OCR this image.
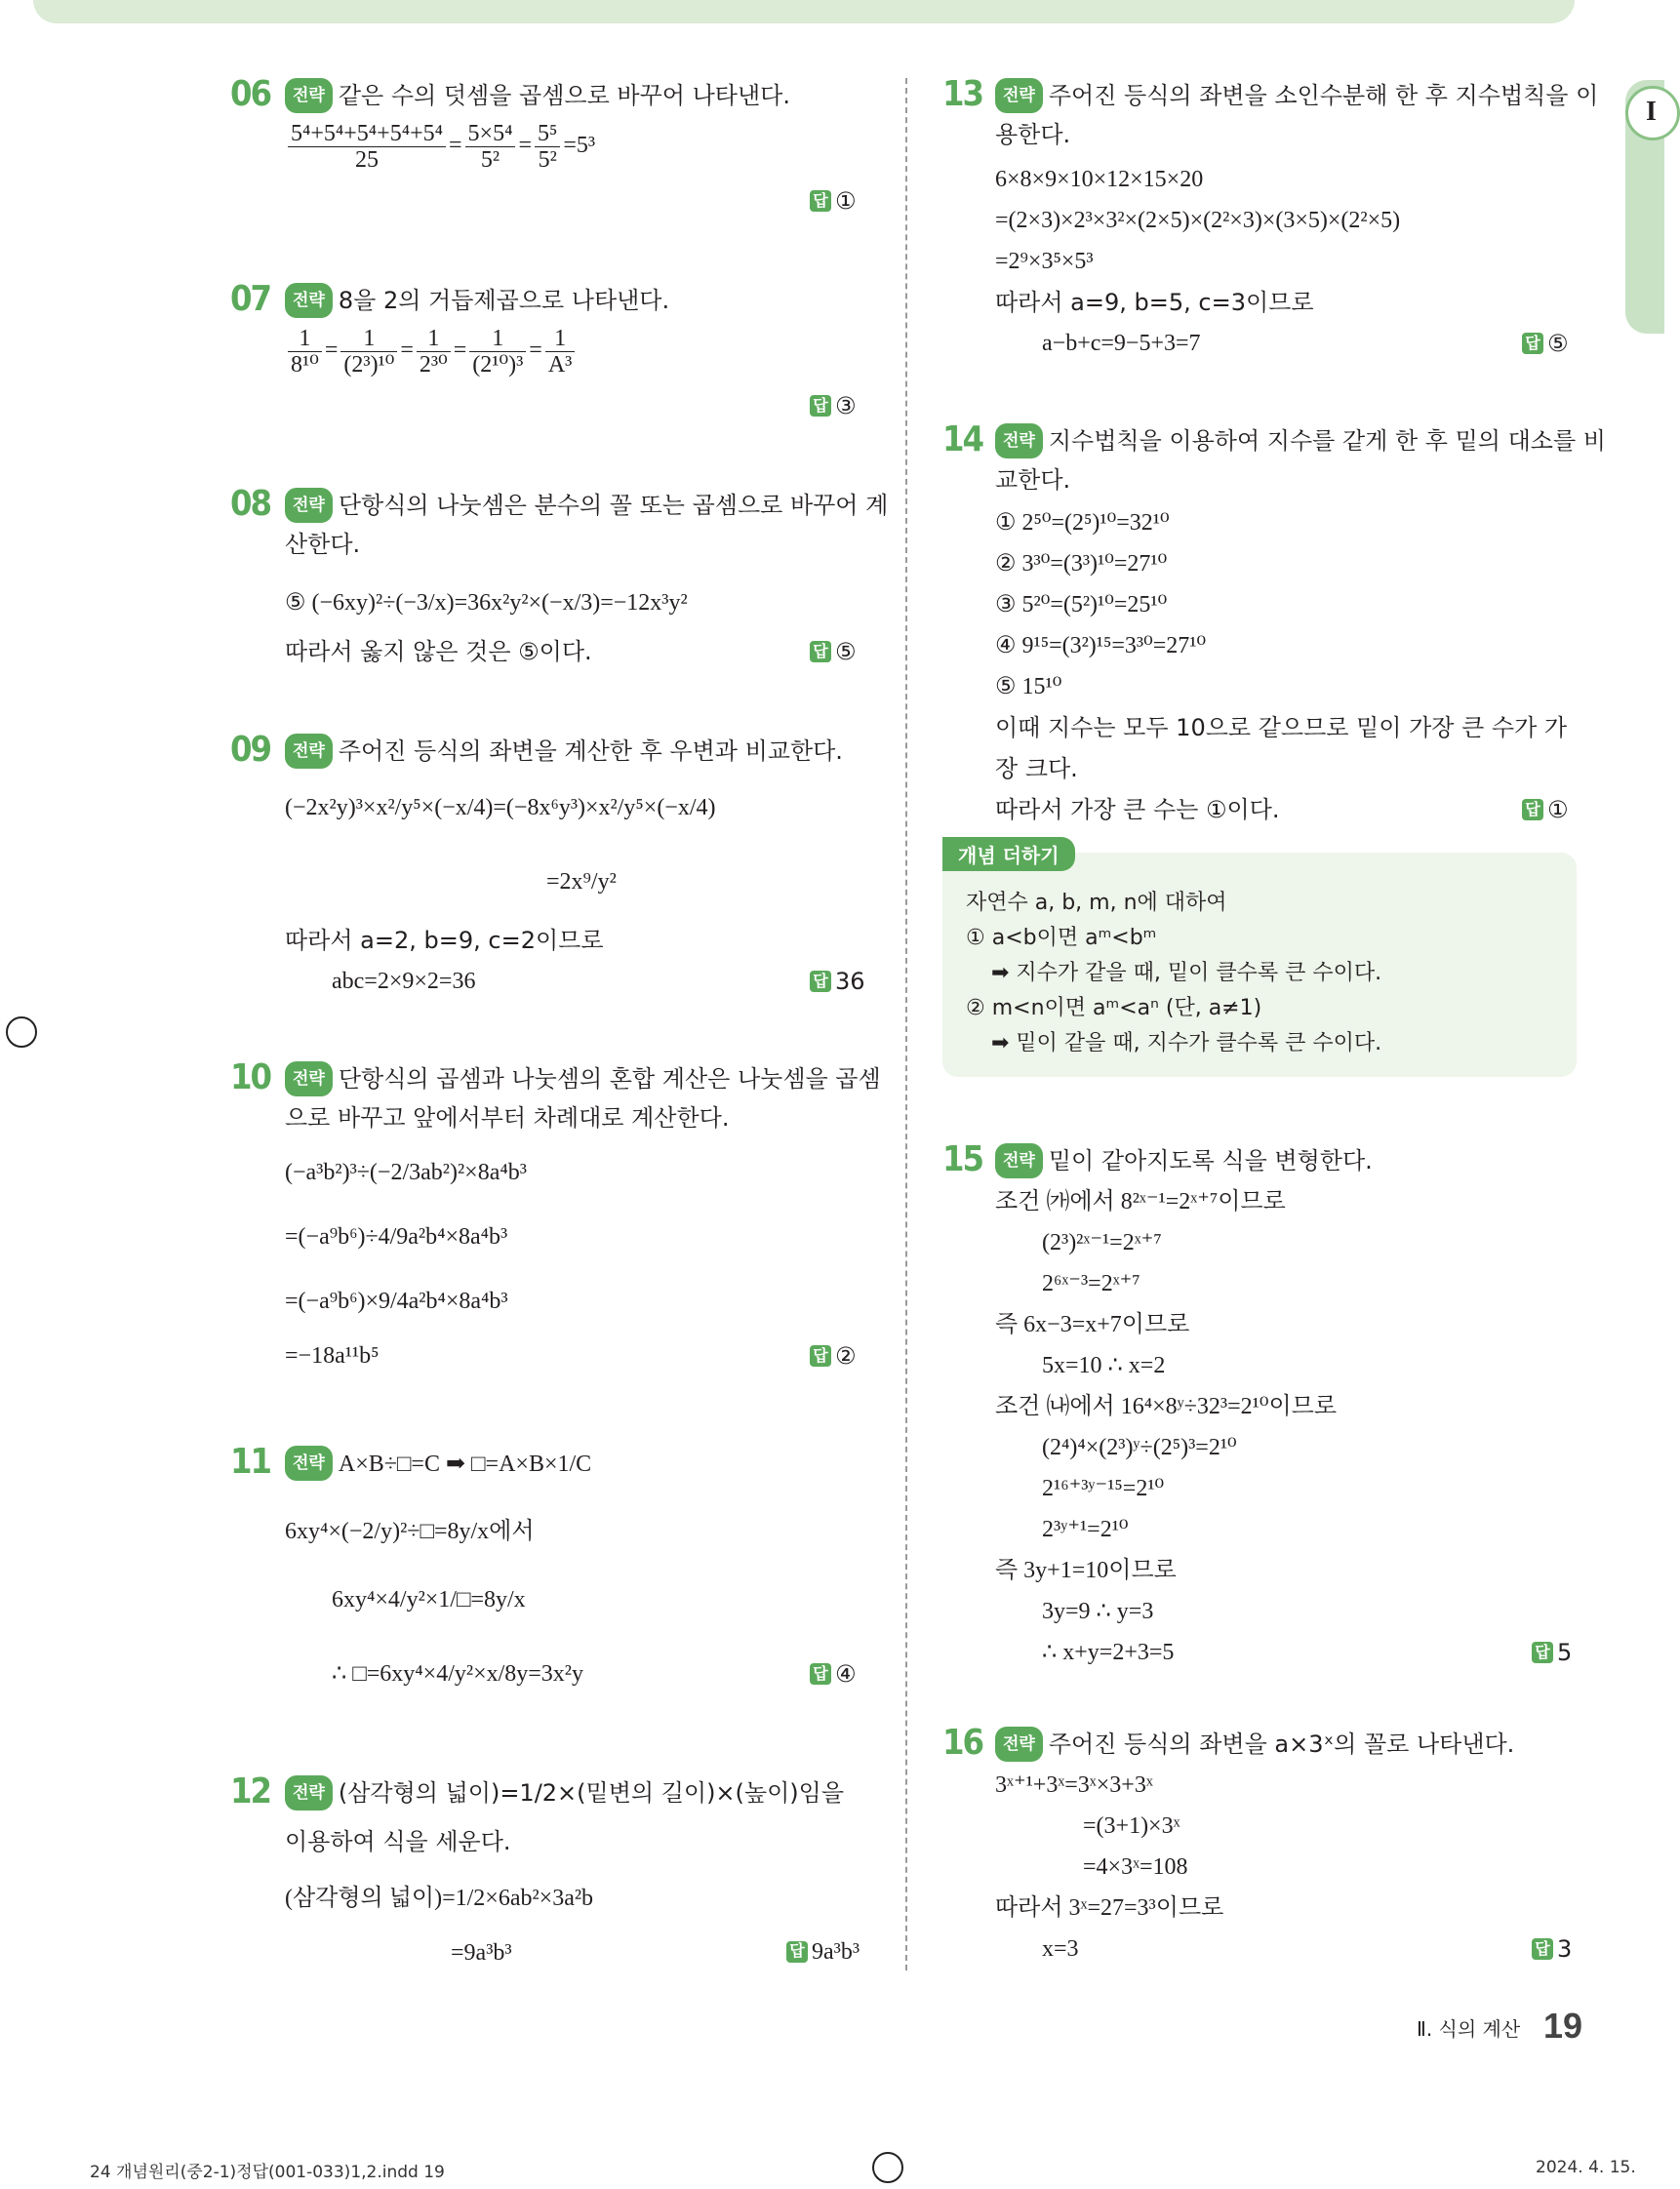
I
06	전략 같은 수의 덧셈을 곱셈으로 바꾸어 나타낸다.
$\frac{\text{5⁴+5⁴+5⁴+5⁴+5⁴}}{25} = \frac{\text{5×5⁴}}{\text{5²}} = \frac{\text{5⁵}}{\text{5²}} =5^3$
답 ①
07	전략 8을 2의 거듭제곱으로 나타낸다.
$\frac{1}{\text{8¹⁰}} = \frac{1}{\text{(2³)¹⁰}} = \frac{1}{\text{2³⁰}} = \frac{1}{\text{(2¹⁰)³}} = \frac{1}{\text{A³}}$
답 ③
08	전략 단항식의 나눗셈은 분수의 꼴 또는 곱셈으로 바꾸어 계
산한다.
⑤ (−6xy)²÷(−3/x)=36x²y²×(−x/3)=−12x³y²
따라서 옳지 않은 것은 ⑤이다.	답 ⑤
09	전략 주어진 등식의 좌변을 계산한 후 우변과 비교한다.
(−2x²y)³×x²/y⁵×(−x/4)=(−8x⁶y³)×x²/y⁵×(−x/4)
=2x⁹/y²
따라서 a=2, b=9, c=2이므로
abc=2×9×2=36	답 36
10	전략 단항식의 곱셈과 나눗셈의 혼합 계산은 나눗셈을 곱셈
으로 바꾸고 앞에서부터 차례대로 계산한다.
(−a³b²)³÷(−2/3ab²)²×8a⁴b³
=(−a⁹b⁶)÷4/9a²b⁴×8a⁴b³
=(−a⁹b⁶)×9/4a²b⁴×8a⁴b³
=−18a¹¹b⁵	답 ②
11	전략 A×B÷□=C ➡ □=A×B×1/C
6xy⁴×(−2/y)²÷□=8y/x에서
6xy⁴×4/y²×1/□=8y/x
∴ □=6xy⁴×4/y²×x/8y=3x²y	답 ④
12	전략 (삼각형의 넓이)=1/2×(밑변의 길이)×(높이)임을
이용하여 식을 세운다.
(삼각형의 넓이)=1/2×6ab²×3a²b
=9a³b³	답 9a³b³
13	전략 주어진 등식의 좌변을 소인수분해 한 후 지수법칙을 이
용한다.
6×8×9×10×12×15×20
=(2×3)×2³×3²×(2×5)×(2²×3)×(3×5)×(2²×5)
=2⁹×3⁵×5³
따라서 a=9, b=5, c=3이므로
a−b+c=9−5+3=7	답 ⑤
14	전략 지수법칙을 이용하여 지수를 같게 한 후 밑의 대소를 비
교한다.
① 2⁵⁰=(2⁵)¹⁰=32¹⁰
② 3³⁰=(3³)¹⁰=27¹⁰
③ 5²⁰=(5²)¹⁰=25¹⁰
④ 9¹⁵=(3²)¹⁵=3³⁰=27¹⁰
⑤ 15¹⁰
이때 지수는 모두 10으로 같으므로 밑이 가장 큰 수가 가
장 크다.
따라서 가장 큰 수는 ①이다.	답 ①
개념 더하기
자연수 a, b, m, n에 대하여
① a<b이면 aᵐ<bᵐ
➡ 지수가 같을 때, 밑이 클수록 큰 수이다.
② m<n이면 aᵐ<aⁿ (단, a≠1)
➡ 밑이 같을 때, 지수가 클수록 큰 수이다.
15	전략 밑이 같아지도록 식을 변형한다.
조건 ㈎에서 8²ˣ⁻¹=2ˣ⁺⁷이므로
(2³)²ˣ⁻¹=2ˣ⁺⁷
2⁶ˣ⁻³=2ˣ⁺⁷
즉 6x−3=x+7이므로
5x=10 ∴ x=2
조건 ㈏에서 16⁴×8ʸ÷32³=2¹⁰이므로
(2⁴)⁴×(2³)ʸ÷(2⁵)³=2¹⁰
2¹⁶⁺³ʸ⁻¹⁵=2¹⁰
2³ʸ⁺¹=2¹⁰
즉 3y+1=10이므로
3y=9 ∴ y=3
∴ x+y=2+3=5	답 5
16	전략 주어진 등식의 좌변을 a×3ˣ의 꼴로 나타낸다.
3ˣ⁺¹+3ˣ=3ˣ×3+3ˣ
=(3+1)×3ˣ
=4×3ˣ=108
따라서 3ˣ=27=3³이므로
x=3	답 3
Ⅱ. 식의 계산 19
24 개념원리(중2-1)정답(001-033)1,2.indd 19	2024. 4. 15.
